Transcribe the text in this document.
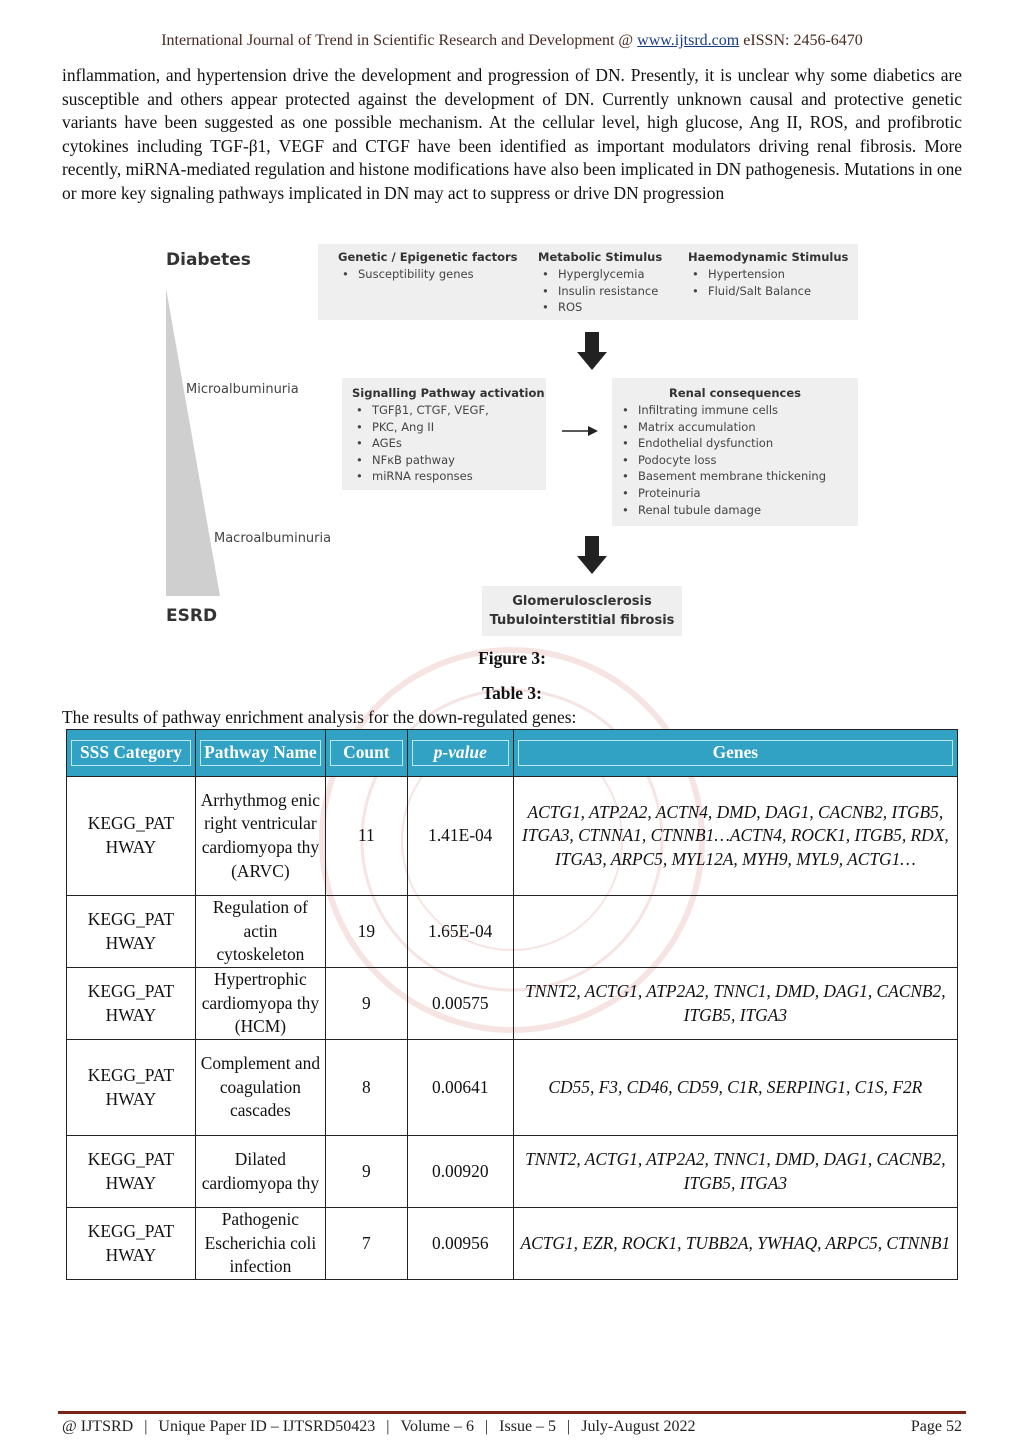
International Journal of Trend in Scientific Research and Development @ www.ijtsrd.com eISSN: 2456-6470

inflammation, and hypertension drive the development and progression of DN. Presently, it is unclear why some diabetics are susceptible and others appear protected against the development of DN. Currently unknown causal and protective genetic variants have been suggested as one possible mechanism. At the cellular level, high glucose, Ang II, ROS, and profibrotic cytokines including TGF-β1, VEGF and CTGF have been identified as important modulators driving renal fibrosis. More recently, miRNA-mediated regulation and histone modifications have also been implicated in DN pathogenesis. Mutations in one or more key signaling pathways implicated in DN may act to suppress or drive DN progression

Diabetes
Microalbuminuria
Macroalbuminuria
ESRD
Genetic / Epigenetic factors
• Susceptibility genes
Metabolic Stimulus
• Hyperglycemia
• Insulin resistance
• ROS
Haemodynamic Stimulus
• Hypertension
• Fluid/Salt Balance
Signalling Pathway activation
• TGFβ1, CTGF, VEGF,
• PKC, Ang II
• AGEs
• NFκB pathway
• miRNA responses
Renal consequences
• Infiltrating immune cells
• Matrix accumulation
• Endothelial dysfunction
• Podocyte loss
• Basement membrane thickening
• Proteinuria
• Renal tubule damage
Glomerulosclerosis
Tubulointerstitial fibrosis
Figure 3:
Table 3:
The results of pathway enrichment analysis for the down-regulated genes:
SSS Category	Pathway Name	Count	p-value	Genes

KEGG_PAT HWAY	Arrhythmog enic right ventricular cardiomyopa thy (ARVC)	11	1.41E-04	ACTG1, ATP2A2, ACTN4, DMD, DAG1, CACNB2, ITGB5, ITGA3, CTNNA1, CTNNB1…ACTN4, ROCK1, ITGB5, RDX, ITGA3, ARPC5, MYL12A, MYH9, MYL9, ACTG1…
KEGG_PAT HWAY	Regulation of actin cytoskeleton	19	1.65E-04	
KEGG_PAT HWAY	Hypertrophic cardiomyopa thy (HCM)	9	0.00575	TNNT2, ACTG1, ATP2A2, TNNC1, DMD, DAG1, CACNB2, ITGB5, ITGA3
KEGG_PAT HWAY	Complement and coagulation cascades	8	0.00641	CD55, F3, CD46, CD59, C1R, SERPING1, C1S, F2R
KEGG_PAT HWAY	Dilated cardiomyopa thy	9	0.00920	TNNT2, ACTG1, ATP2A2, TNNC1, DMD, DAG1, CACNB2, ITGB5, ITGA3
KEGG_PAT HWAY	Pathogenic Escherichia coli infection	7	0.00956	ACTG1, EZR, ROCK1, TUBB2A, YWHAQ, ARPC5, CTNNB1
@ IJTSRD | Unique Paper ID – IJTSRD50423 | Volume – 6 | Issue – 5 | July-August 2022	Page 52
